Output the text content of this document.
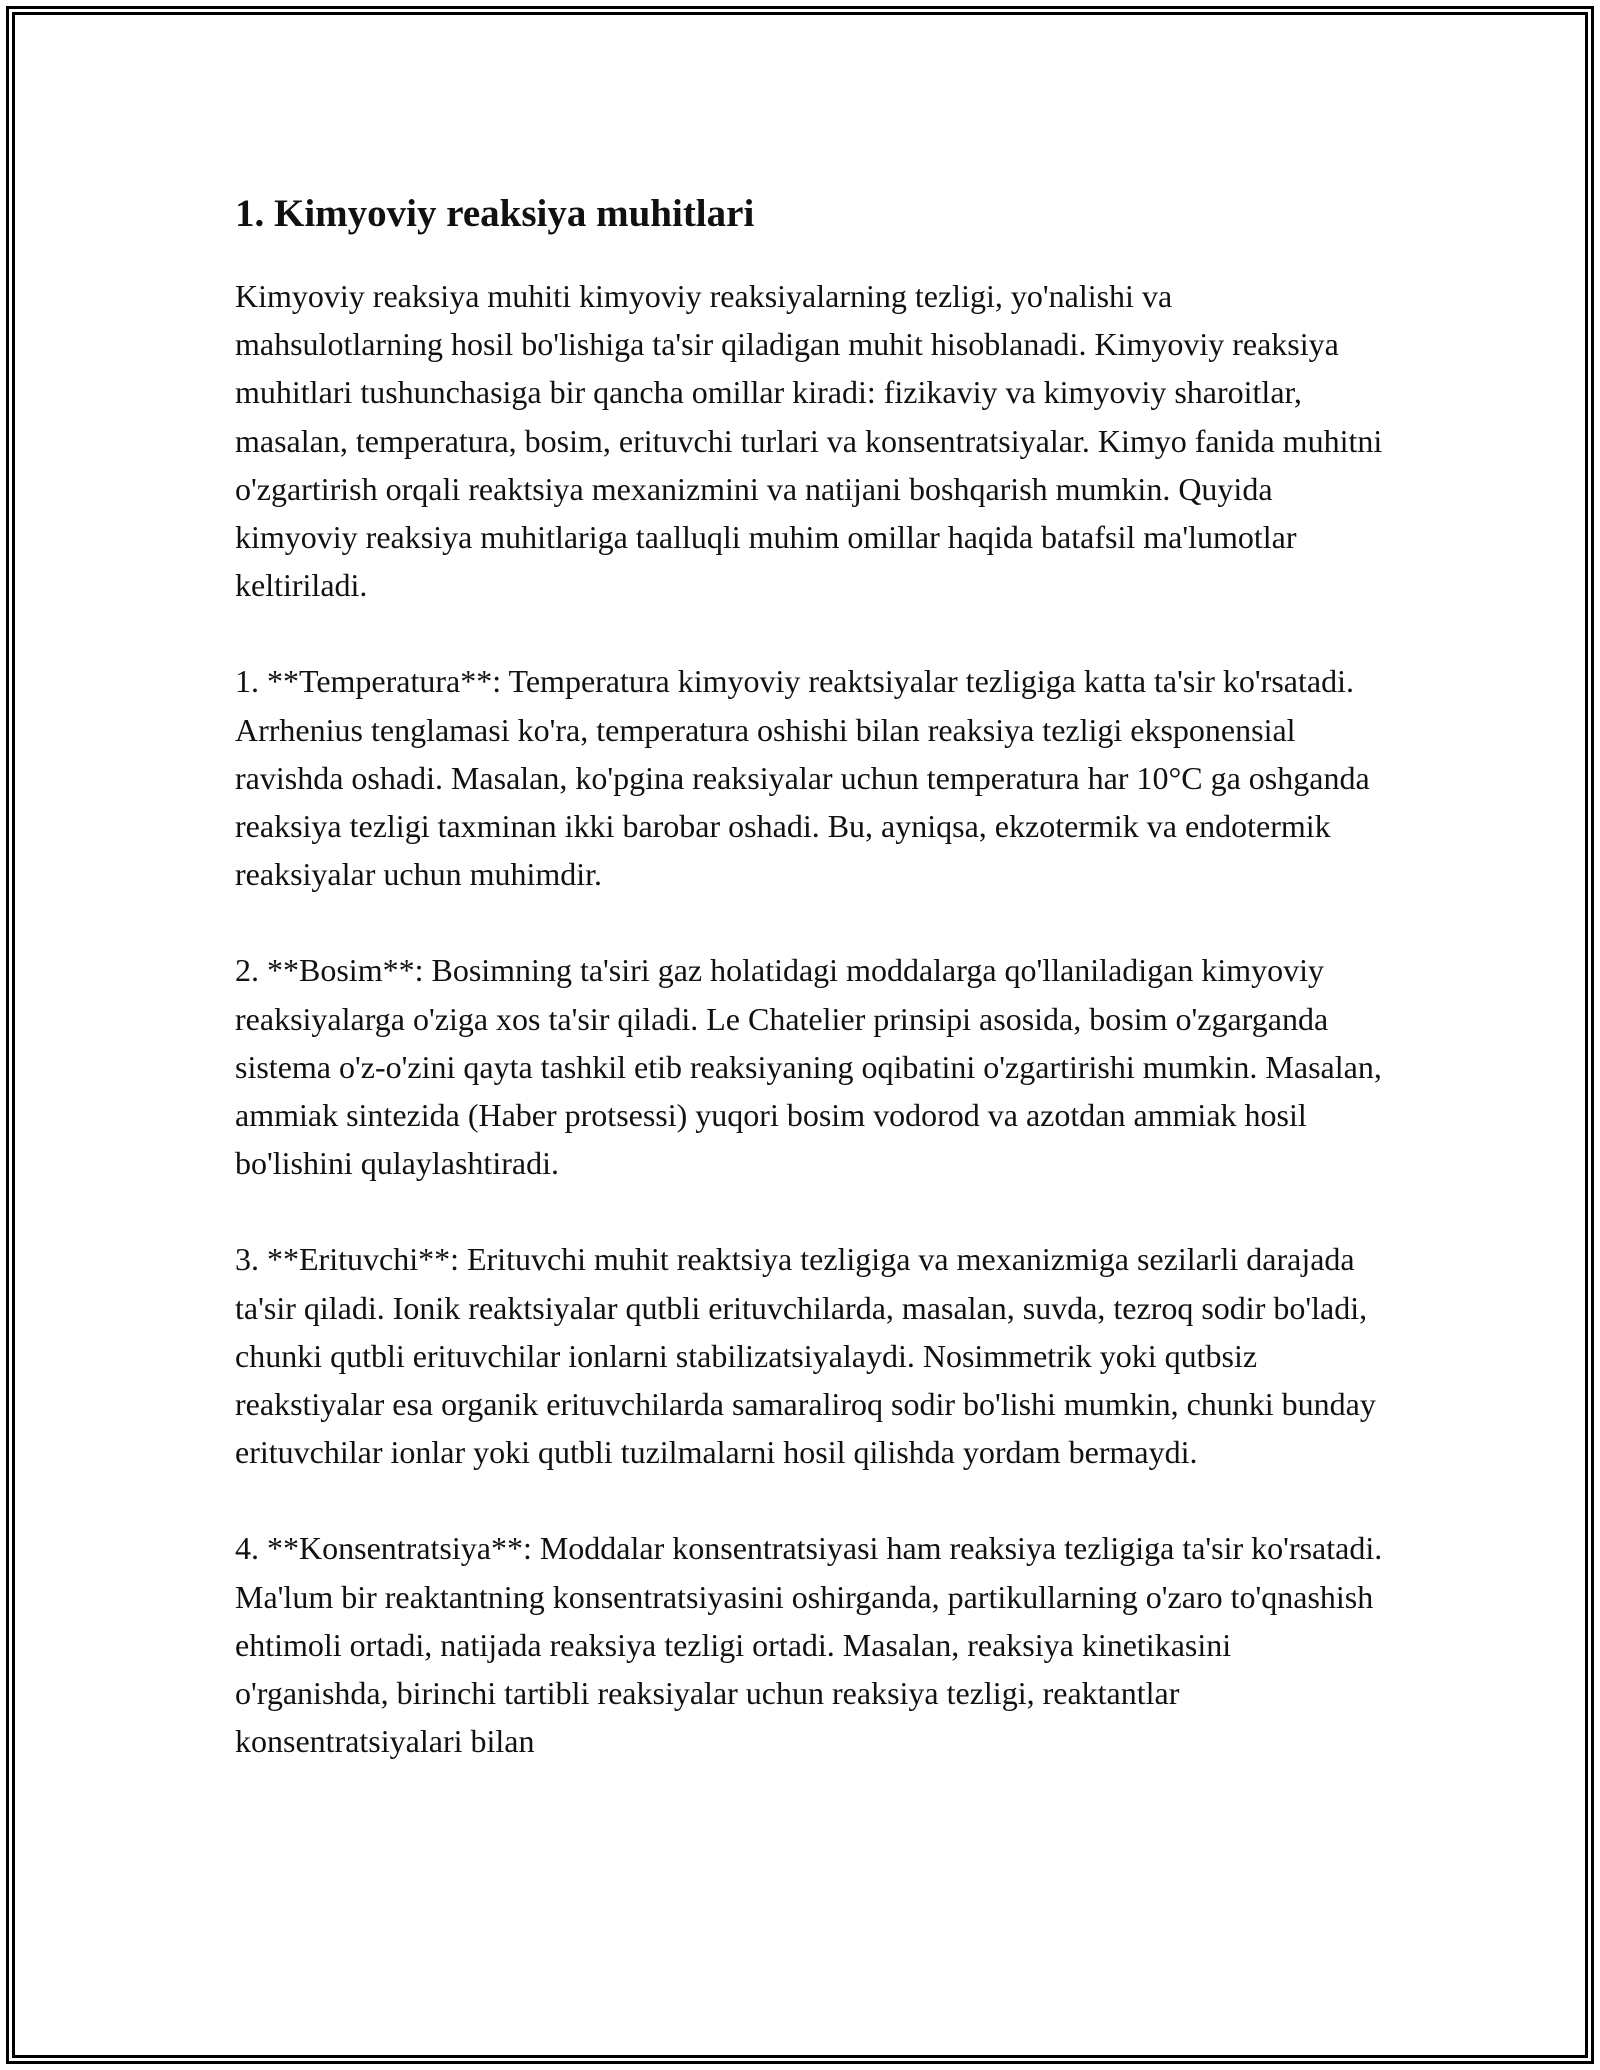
1. Kimyoviy reaksiya muhitlari

Kimyoviy reaksiya muhiti kimyoviy reaksiyalarning tezligi, yo'nalishi va mahsulotlarning hosil bo'lishiga ta'sir qiladigan muhit hisoblanadi. Kimyoviy reaksiya muhitlari tushunchasiga bir qancha omillar kiradi: fizikaviy va kimyoviy sharoitlar, masalan, temperatura, bosim, erituvchi turlari va konsentratsiyalar. Kimyo fanida muhitni o'zgartirish orqali reaktsiya mexanizmini va natijani boshqarish mumkin. Quyida kimyoviy reaksiya muhitlariga taalluqli muhim omillar haqida batafsil ma'lumotlar keltiriladi.

1. **Temperatura**: Temperatura kimyoviy reaktsiyalar tezligiga katta ta'sir ko'rsatadi. Arrhenius tenglamasi ko'ra, temperatura oshishi bilan reaksiya tezligi eksponensial ravishda oshadi. Masalan, ko'pgina reaksiyalar uchun temperatura har 10°C ga oshganda reaksiya tezligi taxminan ikki barobar oshadi. Bu, ayniqsa, ekzotermik va endotermik reaksiyalar uchun muhimdir.

2. **Bosim**: Bosimning ta'siri gaz holatidagi moddalarga qo'llaniladigan kimyoviy reaksiyalarga o'ziga xos ta'sir qiladi. Le Chatelier prinsipi asosida, bosim o'zgarganda sistema o'z-o'zini qayta tashkil etib reaksiyaning oqibatini o'zgartirishi mumkin. Masalan, ammiak sintezida (Haber protsessi) yuqori bosim vodorod va azotdan ammiak hosil bo'lishini qulaylashtiradi.

3. **Erituvchi**: Erituvchi muhit reaktsiya tezligiga va mexanizmiga sezilarli darajada ta'sir qiladi. Ionik reaktsiyalar qutbli erituvchilarda, masalan, suvda, tezroq sodir bo'ladi, chunki qutbli erituvchilar ionlarni stabilizatsiyalaydi. Nosimmetrik yoki qutbsiz reakstiyalar esa organik erituvchilarda samaraliroq sodir bo'lishi mumkin, chunki bunday erituvchilar ionlar yoki qutbli tuzilmalarni hosil qilishda yordam bermaydi.

4. **Konsentratsiya**: Moddalar konsentratsiyasi ham reaksiya tezligiga ta'sir ko'rsatadi. Ma'lum bir reaktantning konsentratsiyasini oshirganda, partikullarning o'zaro to'qnashish ehtimoli ortadi, natijada reaksiya tezligi ortadi. Masalan, reaksiya kinetikasini o'rganishda, birinchi tartibli reaksiyalar uchun reaksiya tezligi, reaktantlar konsentratsiyalari bilan
